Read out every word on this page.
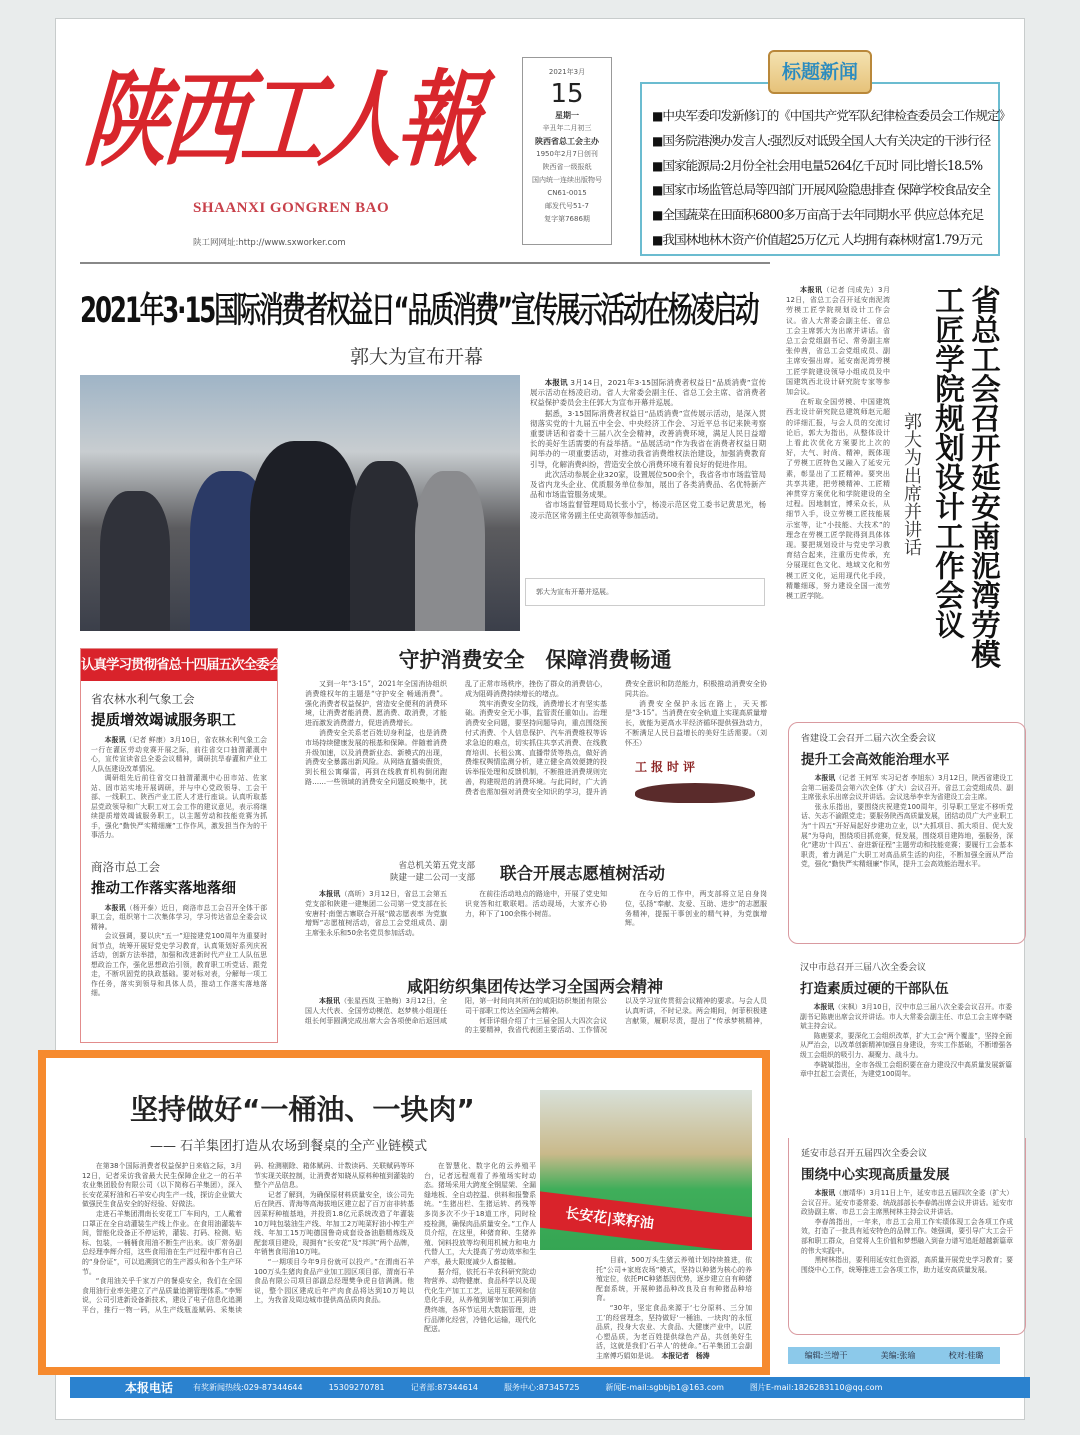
陕西工人報
SHAANXI GONGREN BAO
陕工网网址:http://www.sxworker.com
2021年3月
15
星期一
辛丑年二月初三
陕西省总工会主办
1950年2月7日创刊
陕西省一级报纸
国内统一连续出版物号
CN61-0015
邮发代号51-7
复字第7686期
■ 中央军委印发新修订的《中国共产党军队纪律检查委员会工作规定》
■ 国务院港澳办发言人:强烈反对诋毁全国人大有关决定的干涉行径
■ 国家能源局:2月份全社会用电量5264亿千瓦时 同比增长18.5%
■ 国家市场监管总局等四部门开展风险隐患排查 保障学校食品安全
■ 全国蔬菜在田面积6800多万亩高于去年同期水平 供应总体充足
■ 我国林地林木资产价值超25万亿元 人均拥有森林财富1.79万元
标题新闻
2021年3·15国际消费者权益日“品质消费”宣传展示活动在杨凌启动
郭大为宣布开幕

本报讯 3月14日，2021年3·15国际消费者权益日“品质消费”宣传展示活动在杨凌启动。省人大常委会副主任、省总工会主席、省消费者权益保护委员会主任郭大为宣布开幕并巡展。

据悉，3·15国际消费者权益日“品质消费”宣传展示活动，是深入贯彻落实党的十九届五中全会、中央经济工作会、习近平总书记来陕考察重要讲话和省委十三届八次全会精神，改善消费环境，满足人民日益增长的美好生活需要的有益举措。“品展活动”作为我省在消费者权益日期间举办的一项重要活动，对推动我省消费维权法治建设，加强消费教育引导，化解消费纠纷，营造安全放心消费环境有着良好的促进作用。

此次活动参展企业320家，设置展位500余个，我省各市市场监管局及省内龙头企业、优质服务单位参加，展出了各类消费品、名优特新产品和市场监管服务成果。

省市场监督管理局局长张小宁，杨凌示范区党工委书记黄思光，杨凌示范区常务副主任史高领等参加活动。

郭大为宣布开幕并巡展。

本报讯（记者 闫成先）3月12日，省总工会召开延安南泥湾劳模工匠学院规划设计工作会议。省人大常委会副主任、省总工会主席郭大为出席并讲话。省总工会党组副书记、常务副主席张仲茜，省总工会党组成员、副主席安强出席。延安南泥湾劳模工匠学院建设领导小组成员及中国建筑西北设计研究院专家等参加会议。

在听取全国劳模、中国建筑西北设计研究院总建筑师赵元超的详细汇报，与会人员的交流讨论后，郭大为指出，从整体设计上看此次优化方案要比上次的好，大气、时尚、精神，既体现了劳模工匠特色又融入了延安元素，彰显出了工匠精神。要突出共享共建，把劳模精神、工匠精神贯穿方案优化和学院建设的全过程。因地制宜，博采众长，从细节入手，设立劳模工匠技能展示室等，让“小技能、大技术”的理念在劳模工匠学院得到具体体现。要把规划设计与党史学习教育结合起来，注重历史传承，充分展现红色文化、地域文化和劳模工匠文化，运用现代化手段，精雕细琢，努力建设全国一流劳模工匠学院。

郭大为出席并讲话 省总工会召开延安南泥湾劳模
工匠学院规划设计工作会议
认真学习贯彻省总十四届五次全委会议精神
省农林水利气象工会
提质增效竭诚服务职工

本报讯（记者 鲜康）3月10日，省农林水利气象工会一行在灌区劳动竞赛开展之际，前往省交口抽渭灌溉中心，宣传宣读省总全委会议精神，调研抗旱春灌和产业工人队伍建设改革情况。

调研组先后前往省交口抽渭灌溉中心田市站、佐家站、固市站实地开展调研，并与中心党政领导、工会干部、一线职工、陕西产业工匠人才进行座谈。认真听取基层党政领导和广大职工对工会工作的建议意见，表示将继续提质增效竭诚服务职工，以主题劳动和技能竞赛为抓手，强化“勤快严实精细廉”工作作风，激发担当作为的干事活力。

商洛市总工会
推动工作落实落地落细

本报讯（杨开泰）近日，商洛市总工会召开全体干部职工会，组织第十二次集体学习，学习传达省总全委会议精神。

会议强调，要以庆“五一”迎接建党100周年为重要时间节点，统筹开展好党史学习教育，认真策划好系列庆祝活动，创新方法举措，加强和改进新时代产业工人队伍思想政治工作，强化思想政治引领，教育职工听党话、跟党走，不断巩固党的执政基础。要对标对表，分解每一项工作任务，落实到领导和具体人员，推动工作落实落地落细。

守护消费安全　保障消费畅通

又到一年“3·15”，2021年全国消协组织消费维权年的主题是“守护安全 畅通消费”。强化消费者权益保护，营造安全便利的消费环境，让消费者能消费、愿消费、敢消费，才能进而激发消费潜力，促进消费增长。

消费安全关系老百姓切身利益，也是消费市场持续健康发展的根基和保障。伴随着消费升级加速，以及消费新业态、新模式的出现，消费安全暴露出新风险。从网络直播卖假货，到长租公寓爆雷，再到在线教育机构倒闭跑路……一些领域的消费安全问题反映集中，扰乱了正常市场秩序，挫伤了群众的消费信心，成为阻碍消费持续增长的堵点。

筑牢消费安全防线，消费增长才有坚实基础。消费安全无小事，监管责任重如山。治理消费安全问题，要坚持问题导向，重点围绕预付式消费、个人信息保护、汽车消费维权等诉求急迫的难点，切实抓住共享式消费、在线教育培训、长租公寓、直播带货等热点，做好消费维权舆情监测分析，建立健全高效便捷的投诉举报处理和反馈机制，不断推进消费规则完善，构建规范的消费环境。与此同时，广大消费者也需加强对消费安全知识的学习，提升消费安全意识和防范能力，积极推动消费安全协同共治。

消费安全保护永远在路上，天天都是“3·15”。当消费在安全轨道上实现高质量增长，就能为更高水平经济循环提供强劲动力，不断满足人民日益增长的美好生活需要。（刘怀丕）

工报时评
省总机关第五党支部
陕建一建二公司一支部 联合开展志愿植树活动

本报讯（高昕）3月12日，省总工会第五党支部和陕建一建集团二公司第一党支部在长安唐村·南堡古寨联合开展“做志愿表率 为党旗增辉”志愿植树活动，省总工会党组成员、副主席张永乐和50余名党员参加活动。

在前往活动地点的路途中，开展了党史知识竞答和红歌联唱。活动现场，大家齐心协力，种下了100余株小树苗。

在今后的工作中，两支部将立足自身岗位，弘扬“奉献、友爱、互助、进步”的志愿服务精神，提振干事创业的精气神，为党旗增辉。

咸阳纺织集团传达学习全国两会精神

本报讯（张星西岚 王艳梅）3月12日，全国人大代表、全国劳动模范、赵梦桃小组现任组长何菲圆满完成出席大会各项使命后返回咸阳，第一时间向其所在的咸阳纺织集团有限公司干部职工传达全国两会精神。

何菲详细介绍了十三届全国人大四次会议的主要精神，我省代表团主要活动、工作情况以及学习宣传贯彻会议精神的要求。与会人员认真听讲，不时记录。两会期间，何菲积极建言献策，履职尽责，提出了“传承梦桃精神，

省建设工会召开二届六次全委会议
提升工会高效能治理水平

本报讯（记者 王何军 实习记者 李旭东）3月12日，陕西省建设工会第二届委员会第六次全体（扩大）会议召开。省总工会党组成员、副主席张永乐出席会议并讲话。会议选举李幸为省建设工会主席。

张永乐指出，要围绕庆祝建党100周年，引导职工坚定不移听党话、矢志不渝跟党走；要服务陕西高质量发展，团结动员广大产业职工为“十四五”开好局起好步建功立业，以“大抓项目、抓大项目、促大发展”为导向，围绕项目抓竞赛，促发展，围绕项目建阵地，强服务，深化“建功‘十四五’、奋进新征程”主题劳动和技能竞赛；要履行工会基本职责，着力满足广大职工对高品质生活的向往，不断加强全面从严治党，强化“勤快严实精细廉”作风，提升工会高效能治理水平。

汉中市总召开三届八次全委会议
打造素质过硬的干部队伍

本报讯（宋枫）3月10日，汉中市总三届八次全委会议召开。市委副书记陈鹿出席会议并讲话。市人大常委会副主任、市总工会主席李晓斌主持会议。

陈鹿要求，要深化工会组织改革，扩大工会“两个覆盖”，坚持全面从严治会，以改革创新精神加强自身建设，夯实工作基础，不断增强各级工会组织的吸引力、凝聚力、战斗力。

李晓斌指出，全市各级工会组织要在奋力建设汉中高质量发展新篇章中扛起工会责任，为建党100周年。

延安市总召开五届四次全委会议
围绕中心实现高质量发展

本报讯（康靖华）3月11日上午，延安市总五届四次全委（扩大）会议召开。延安市委常委、统战部部长李春鸽出席会议并讲话。延安市政协副主席、市总工会主席黑树林主持会议并讲话。

李春鸽指出，一年来，市总工会用工作实绩体现工会各项工作成效，打造了一批具有延安特色的品牌工作。她强调，要引导广大工会干部和职工群众，自觉将人生价值和梦想融入到奋力谱写追赶超越新篇章的伟大实践中。

黑树林指出，要利用延安红色资源，高质量开展党史学习教育；要围绕中心工作，统筹推进工会各项工作，助力延安高质量发展。

编辑:兰增干	美编:张瑜	校对:桂璐
坚持做好“一桶油、一块肉”
—— 石羊集团打造从农场到餐桌的全产业链模式
长安花|菜籽油

在第38个国际消费者权益保护日来临之际，3月12日，记者采访我省最大民生保障企业之一的石羊农业集团股份有限公司（以下简称石羊集团），深入长安花菜籽油和石羊安心肉生产一线，探访企业做大做强民生食品安全的好经验、好做法。

走进石羊集团渭南长安花工厂车间内，工人戴着口罩正在全自动灌装生产线上作业。在食用油灌装车间，智能化设备正不停运转，灌装、打码、检测、贴标、包装，一桶桶食用油不断生产出来。该厂常务副总经理李辉介绍，这些食用油在生产过程中都有自己的“身份证”，可以追溯到它的生产源头和各个生产环节。

“食用油关乎千家万户的餐桌安全，我们在全国食用油行业率先建立了产品质量追溯管理体系。”李辉说，公司引进新设备新技术，建设了电子信息化追溯平台，推行一物一码，从生产线瓶盖赋码、采集读码、检测剔除、箱体赋码、计数读码、关联赋码等环节实现关联控制，让消费者知晓从原料种植到灌装的整个产品信息。

记者了解到，为确保原材料质量安全，该公司先后在陕西、青海等高海拔地区建立起了百万亩非转基因菜籽种植基地，并投资1.8亿元系统改造了年灌装10万吨包装油生产线、年加工2万吨菜籽油小榨生产线、年加工15万吨德国鲁奇成套设备油脂精炼线及配套项目建设，现拥有“长安花”及“邦淇”两个品牌，年销售食用油10万吨。

“一期项目今年9月份就可以投产。”在渭南石羊100万头生猪肉食品产业加工园区项目部，渭南石羊食品有限公司项目部副总经理樊争虎自信满满。他说，整个园区建成后年产肉食品将达到10万吨以上，为我省及周边城市提供高品质肉食品。

在智慧化、数字化的云养殖平台，记者远程观看了养殖场实时动态。猪场采用大跨度全钢屋架、全漏缝地板、全自动控温、供料和报警系统。“生猪出栏、生猪运转、药残等多岗多次不少于18道工序，同时检疫检测，确保肉品质量安全。”工作人员介绍，在这里，种猪育种、生猪养殖、饲料投放等均利用机械力和电力代替人工，大大提高了劳动效率和生产率，最大限度减少人畜接触。

据介绍，依托石羊农科研究院动物营养、动物健康、食品科学以及现代化生产加工工艺，运用互联网和信息化手段，从养殖到屠宰加工再到消费终端，各环节运用大数据管理，进行品牌化经营，冷链化运输，现代化配送。

目前，500万头生猪云养殖计划持续推进，依托“公司+家庭农场”模式，坚持以种猪为核心的养殖定位，依托PIC种猪基因优势，逐步建立自有种猪配套系统，开展种猪品种改良及自有种猪品种培育。

“30年，坚定食品来源于‘七分原料、三分加工’的经营理念，坚持做好‘一桶油、一块肉’的永恒品质，投身大农业、大食品、大健康产业中，以匠心塑品质，为老百姓提供绿色产品，共创美好生活，这就是我们‘石羊人’的使命。”石羊集团工会副主席傅巧娟如是说。　 本报记者　杨涛

本报电话	有奖新闻热线:029-87344644	15309270781	记者部:87344614	服务中心:87345725	新闻E-mail:sgbbjb1@163.com	图片E-mail:1826283110@qq.com
